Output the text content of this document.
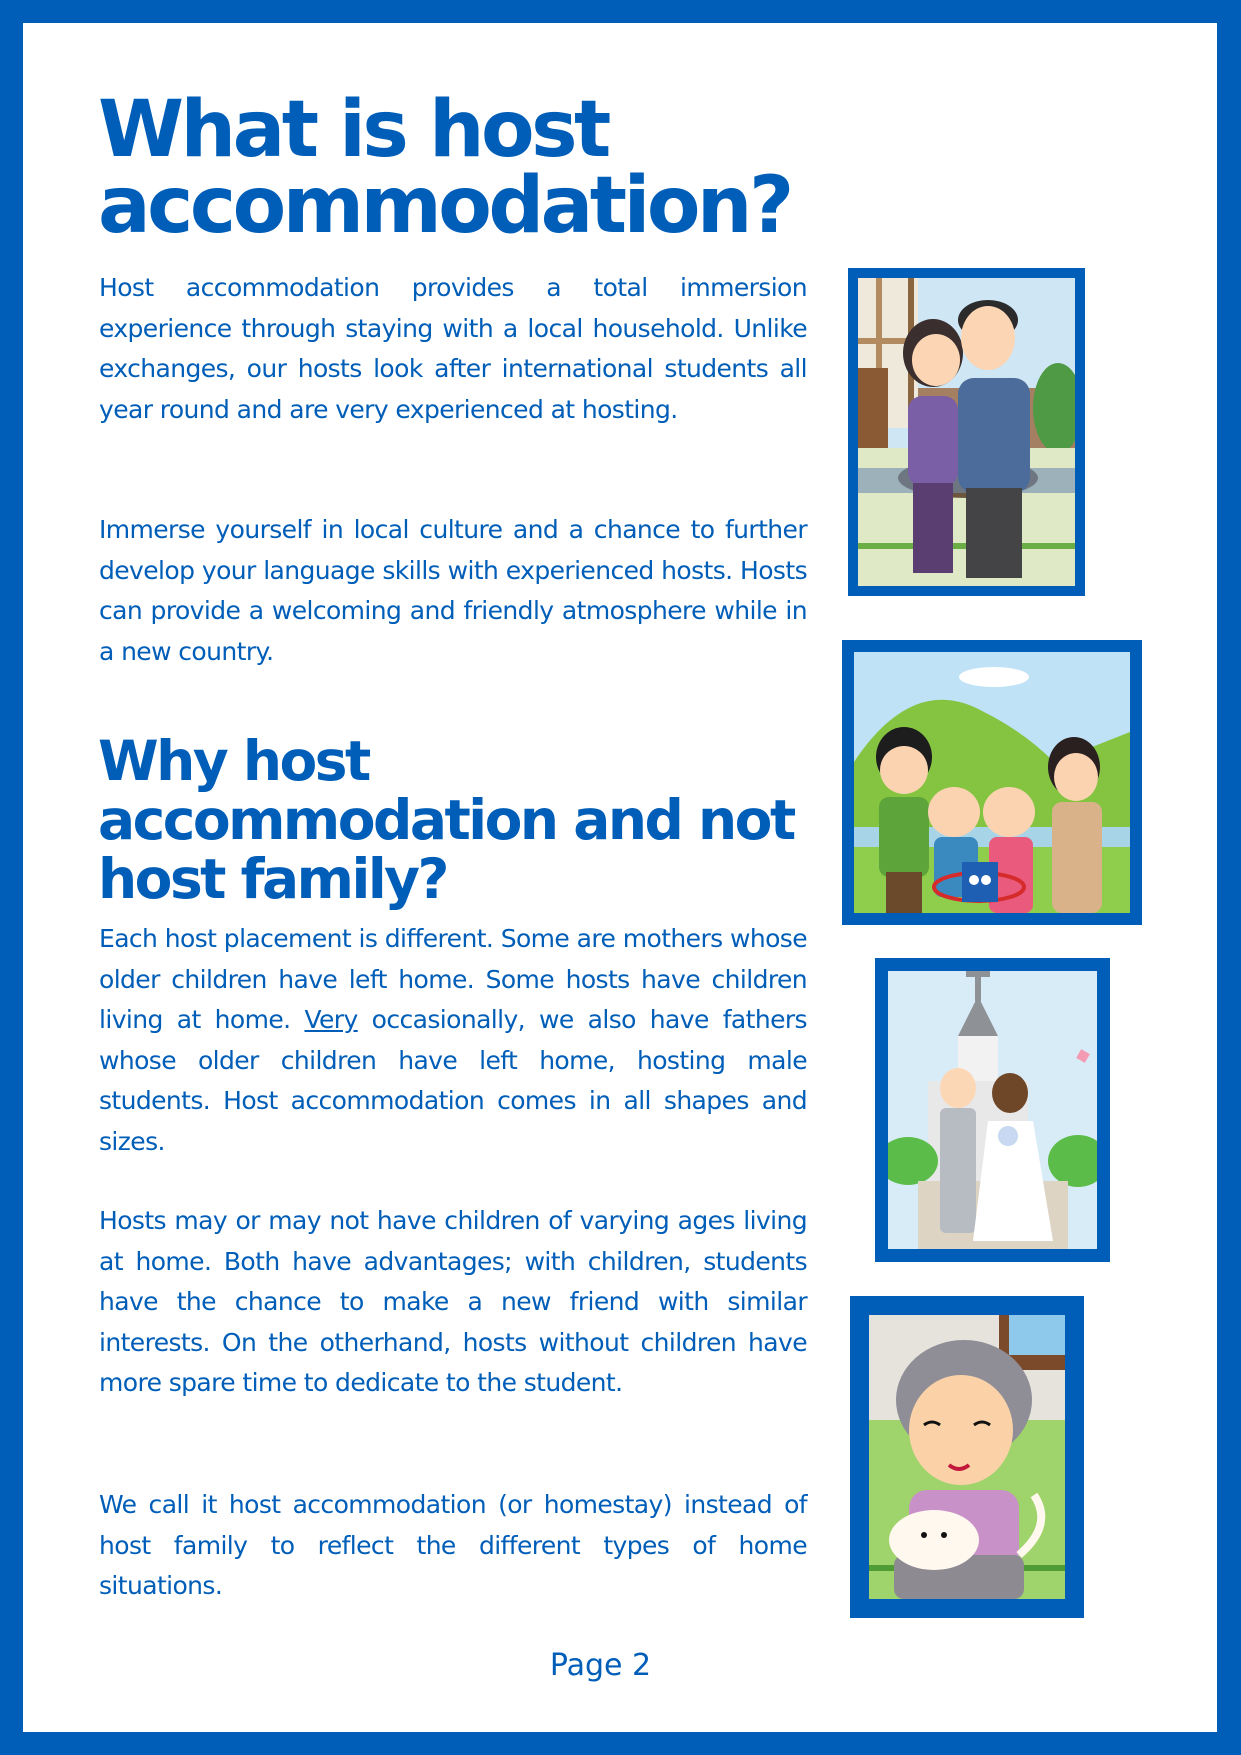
What is host accommodation?

Host accommodation provides a total immersion experience through staying with a local household. Unlike exchanges, our hosts look after international students all year round and are very experienced at hosting.

Immerse yourself in local culture and a chance to further develop your language skills with experienced hosts. Hosts can provide a welcoming and friendly atmosphere while in a new country.

Why host accommodation and not host family?

Each host placement is different. Some are mothers whose older children have left home. Some hosts have children living at home. Very occasionally, we also have fathers whose older children have left home, hosting male students. Host accommodation comes in all shapes and sizes.

Hosts may or may not have children of varying ages living at home. Both have advantages; with children, students have the chance to make a new friend with similar interests. On the otherhand, hosts without children have more spare time to dedicate to the student.

We call it host accommodation (or homestay) instead of host family to reflect the different types of home situations.

Page 2
